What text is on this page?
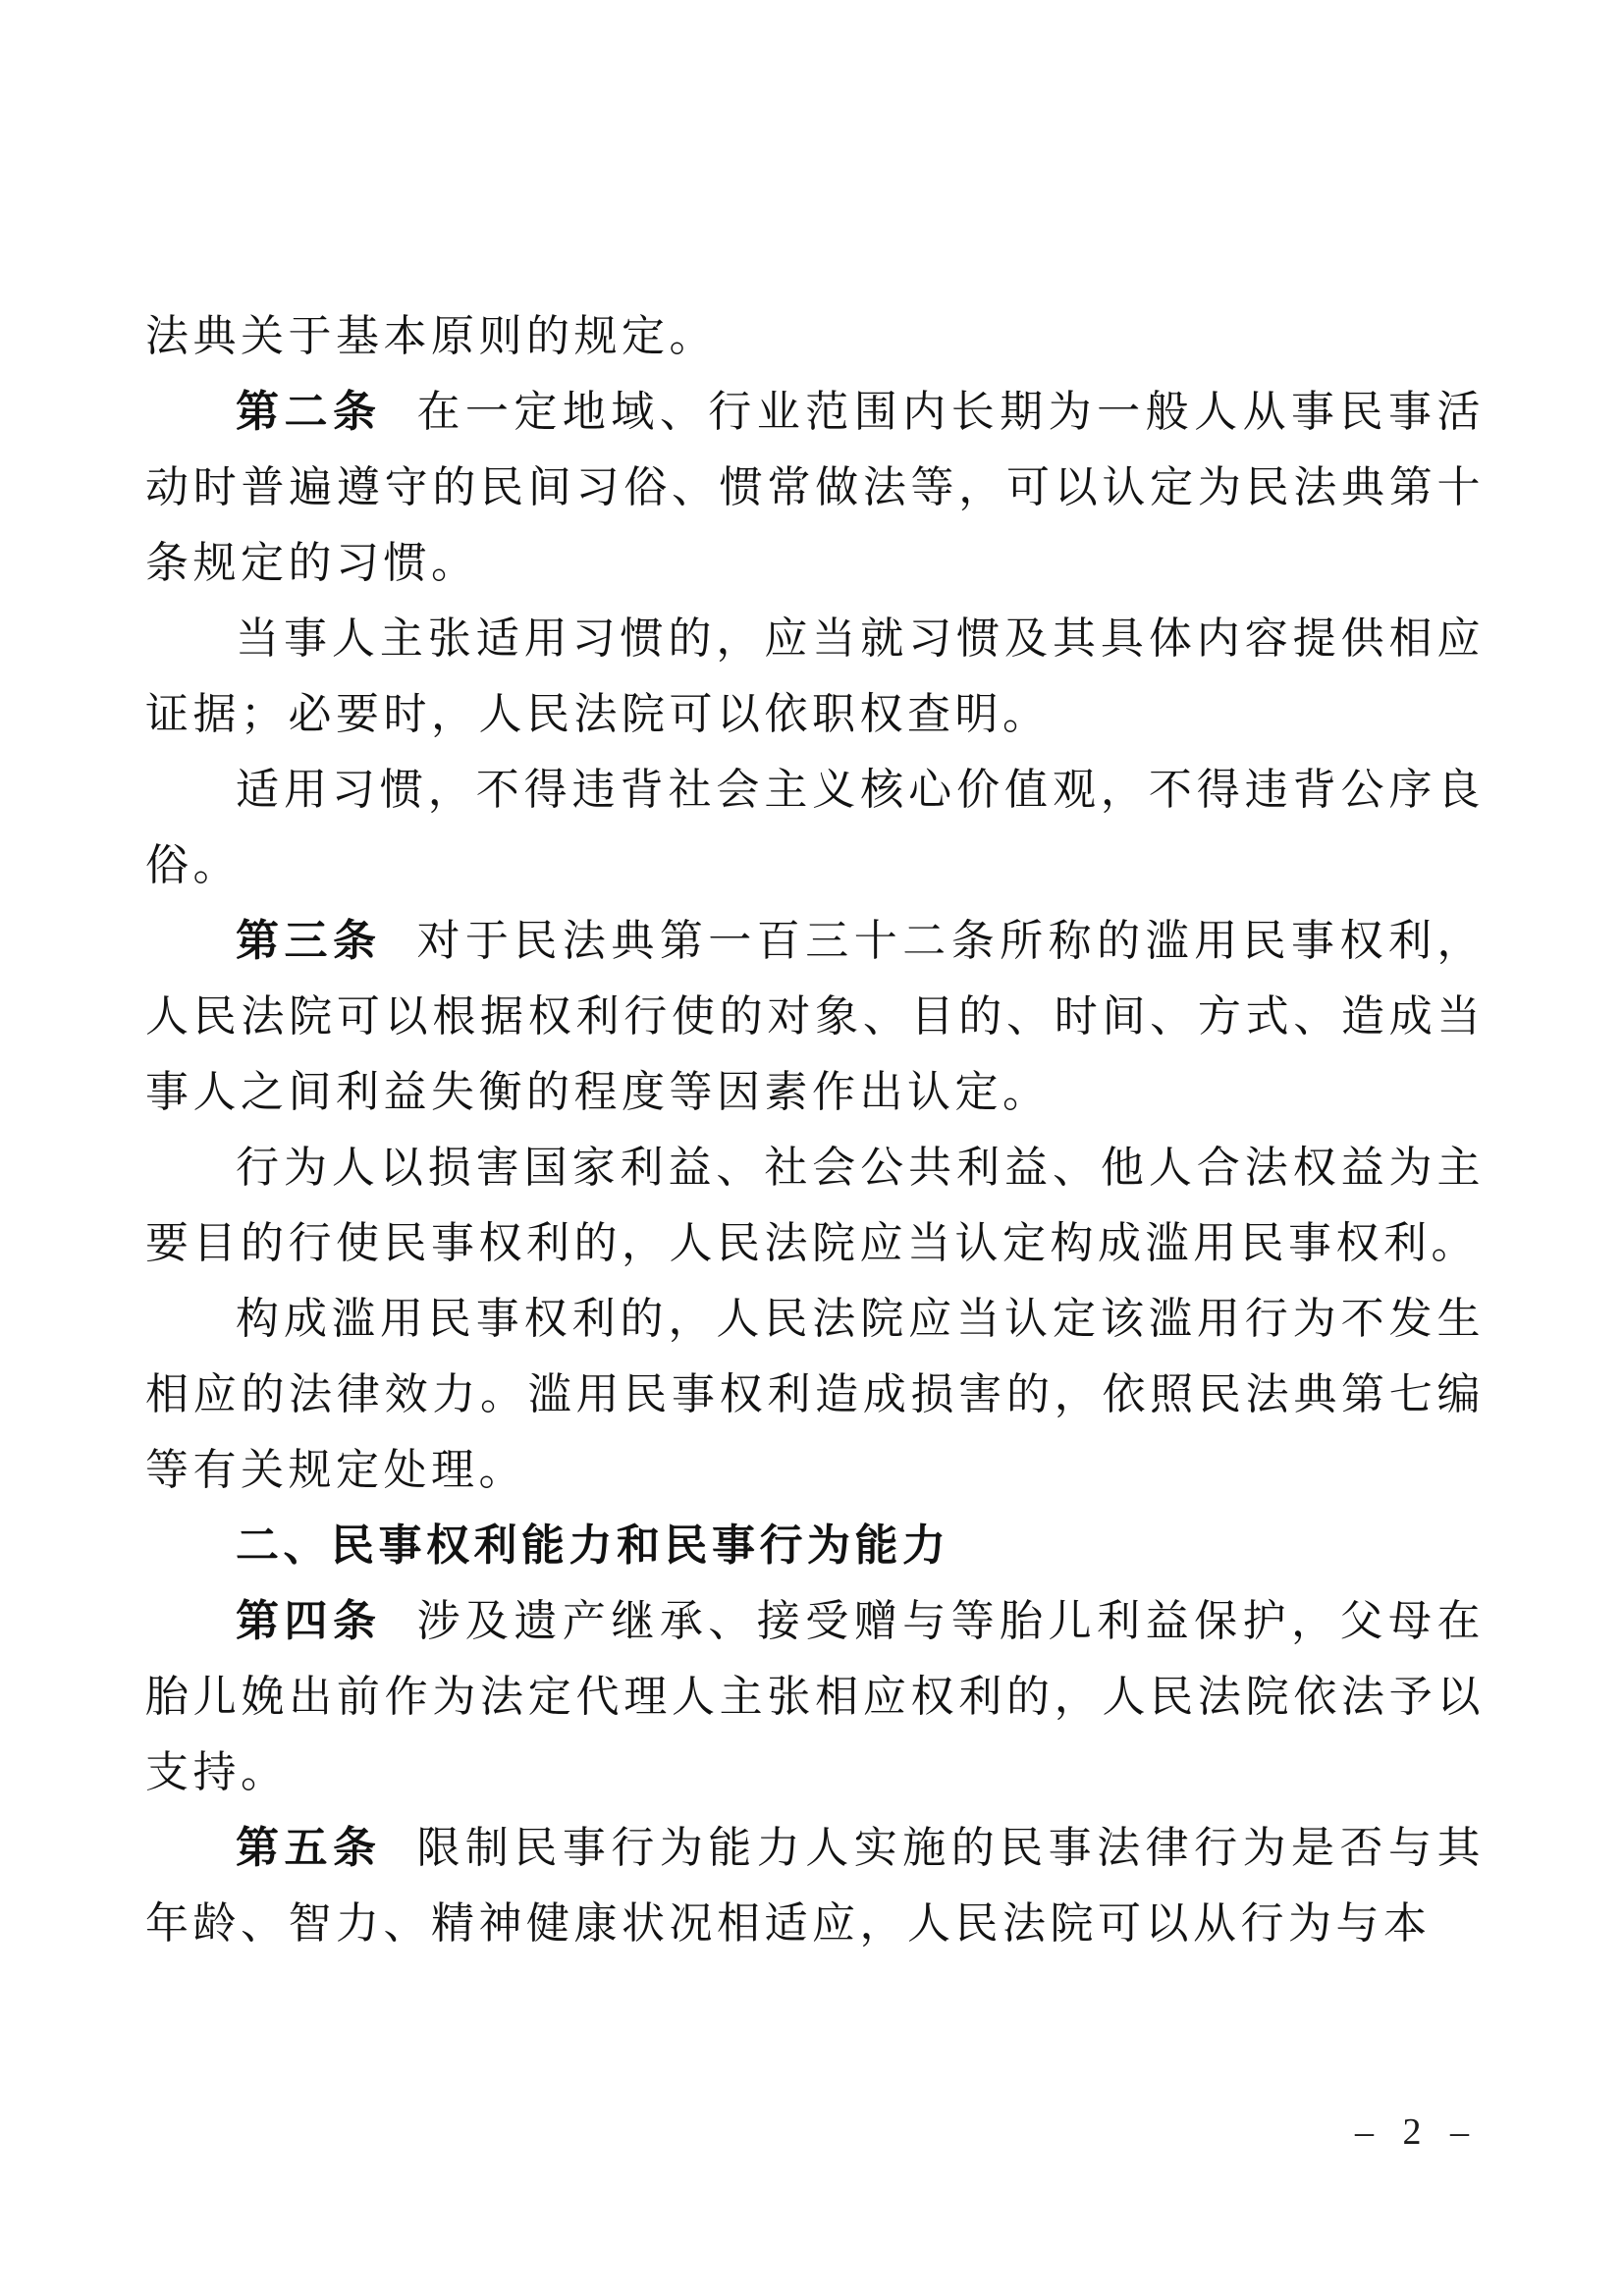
法典关于基本原则的规定。
第二条 在一定地域、行业范围内长期为一般人从事民事活动时普遍遵守的民间习俗、惯常做法等，可以认定为民法典第十条规定的习惯。
当事人主张适用习惯的，应当就习惯及其具体内容提供相应证据；必要时，人民法院可以依职权查明。
适用习惯，不得违背社会主义核心价值观，不得违背公序良俗。
第三条 对于民法典第一百三十二条所称的滥用民事权利，人民法院可以根据权利行使的对象、目的、时间、方式、造成当事人之间利益失衡的程度等因素作出认定。
行为人以损害国家利益、社会公共利益、他人合法权益为主要目的行使民事权利的，人民法院应当认定构成滥用民事权利。
构成滥用民事权利的，人民法院应当认定该滥用行为不发生相应的法律效力。滥用民事权利造成损害的，依照民法典第七编等有关规定处理。
二、民事权利能力和民事行为能力
第四条 涉及遗产继承、接受赠与等胎儿利益保护，父母在胎儿娩出前作为法定代理人主张相应权利的，人民法院依法予以支持。
第五条 限制民事行为能力人实施的民事法律行为是否与其年龄、智力、精神健康状况相适应，人民法院可以从行为与本
– 2 –
